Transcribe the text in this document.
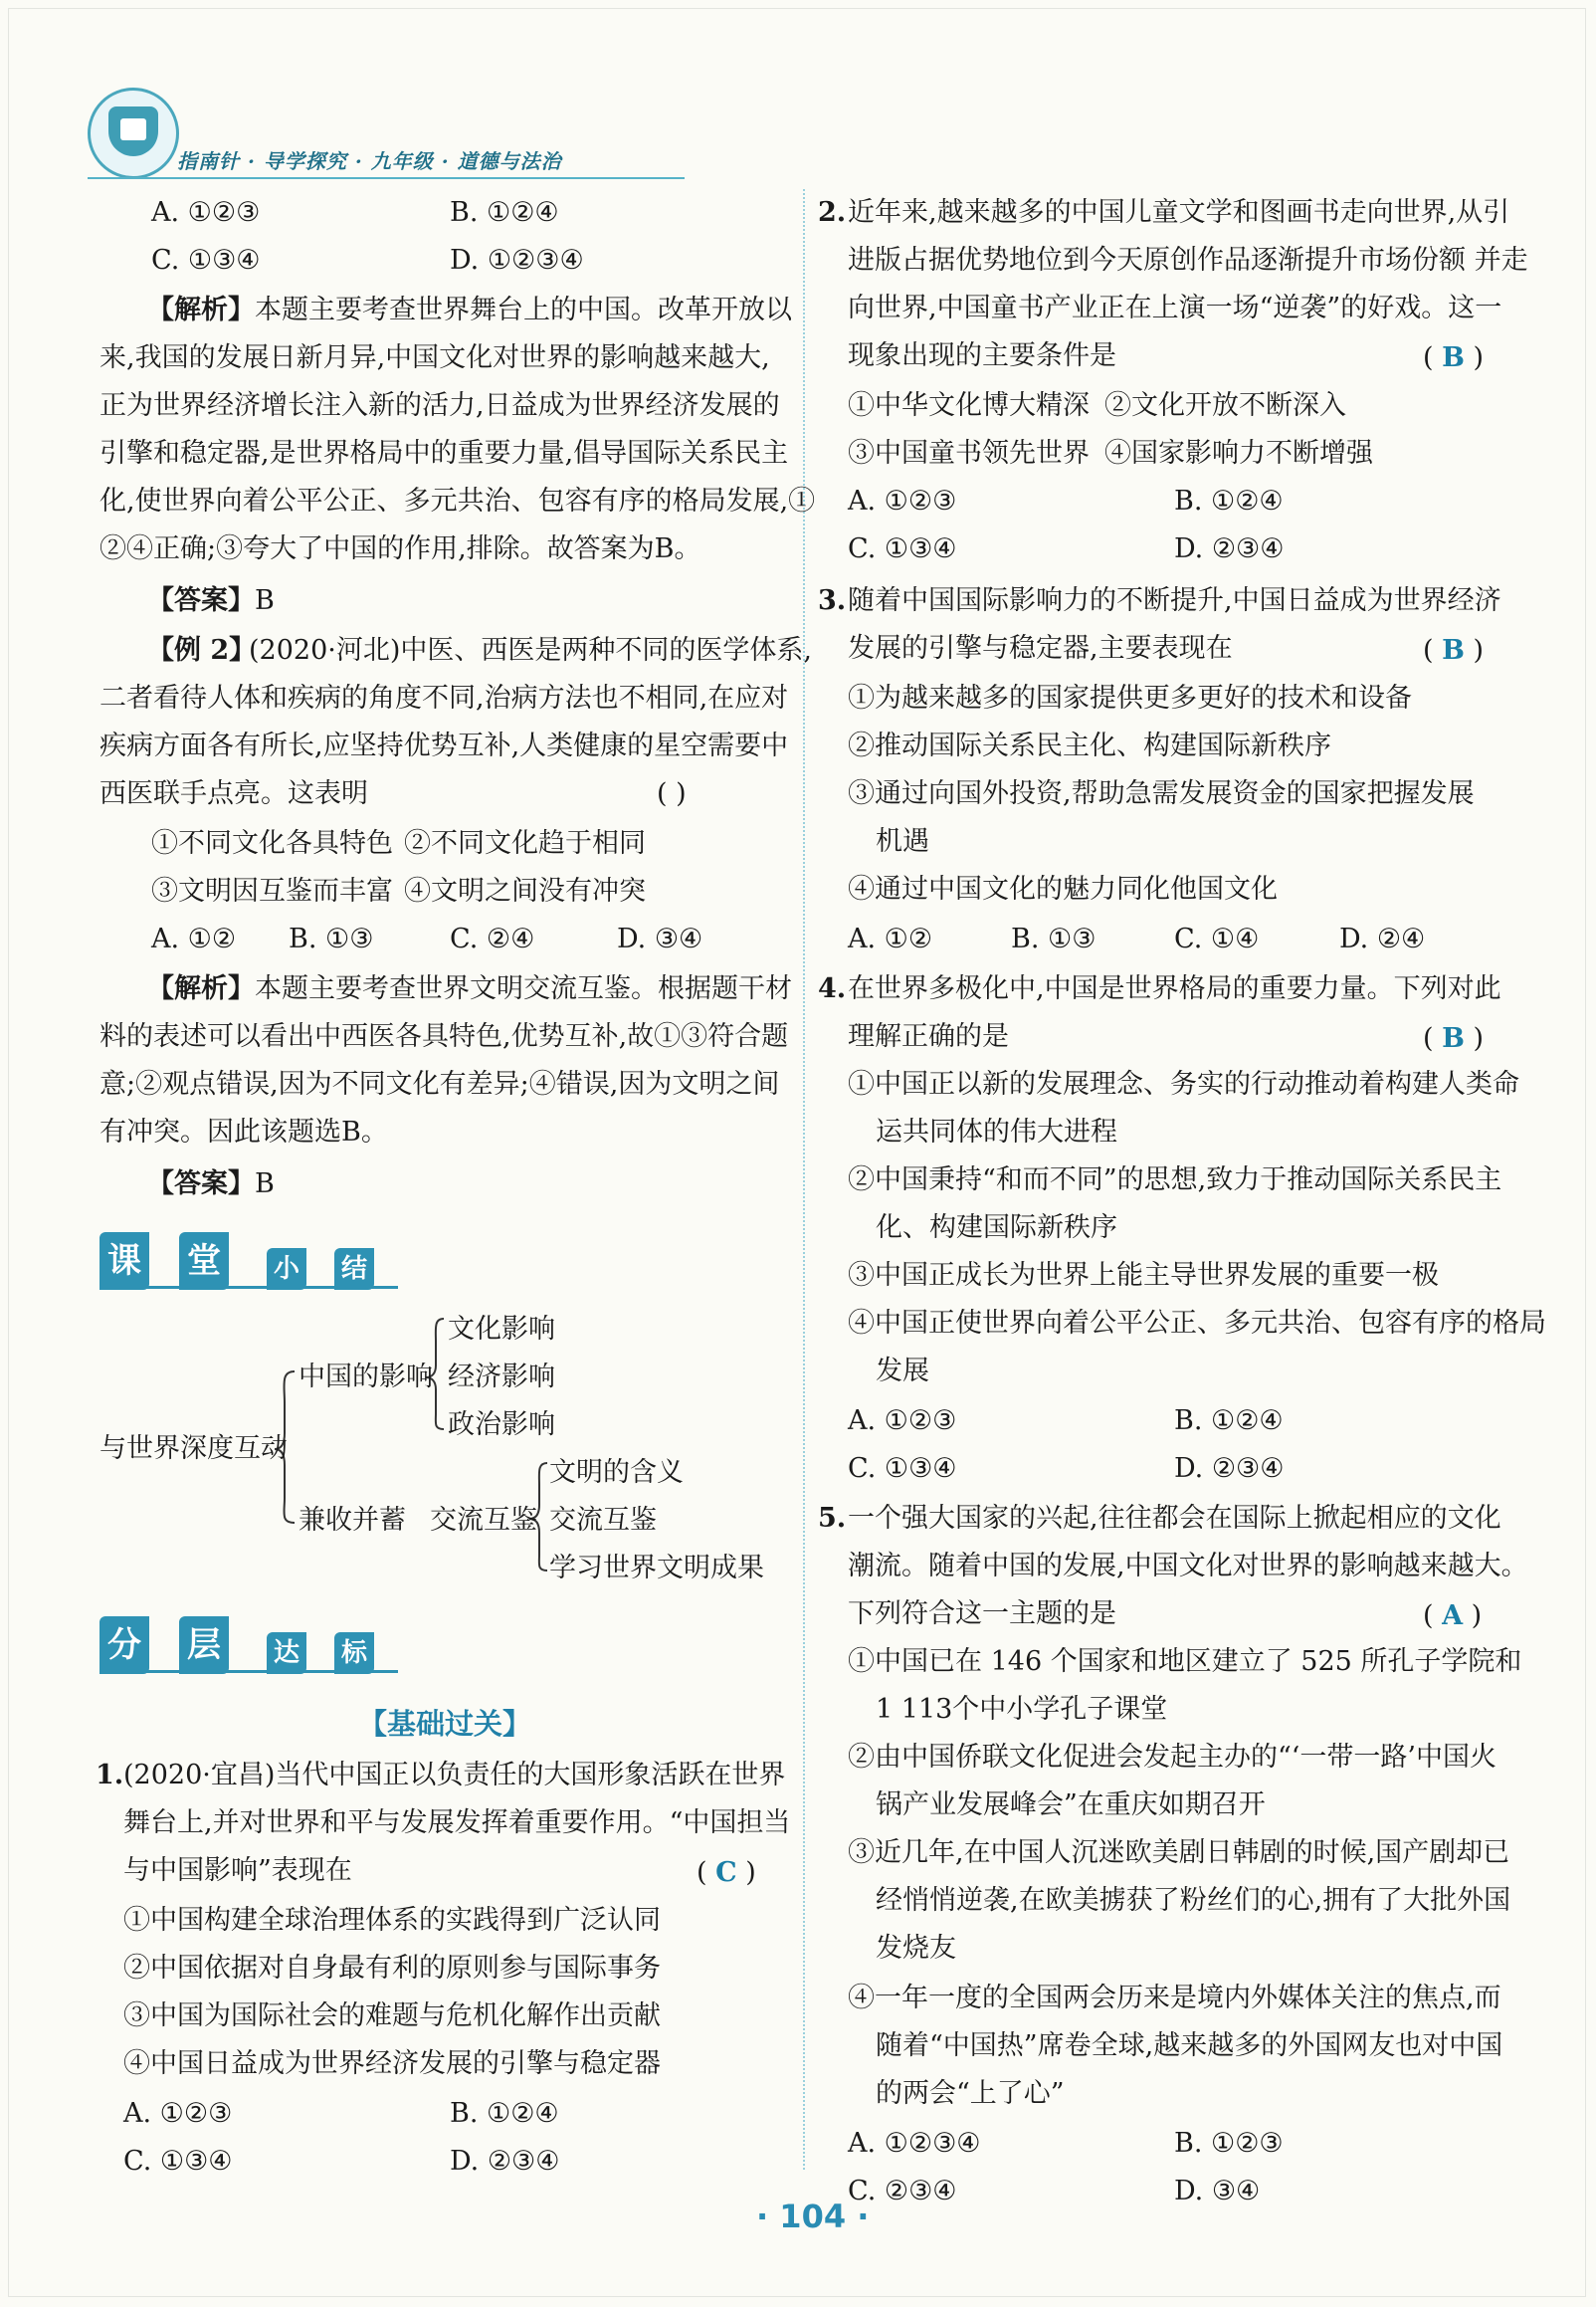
指南针 · 导学探究 · 九年级 · 道德与法治
A. ①②③	B. ①②④
C. ①③④	D. ①②③④
【解析】 本题主要考查世界舞台上的中国。改革开放以
来,我国的发展日新月异,中国文化对世界的影响越来越大,
正为世界经济增长注入新的活力,日益成为世界经济发展的
引擎和稳定器,是世界格局中的重要力量,倡导国际关系民主
化,使世界向着公平公正、多元共治、包容有序的格局发展,①
②④正确;③夸大了中国的作用,排除。故答案为B。
【答案】 B
【例 2】
(2020·河北)中医、西医是两种不同的医学体系,
二者看待人体和疾病的角度不同,治病方法也不相同,在应对
疾病方面各有所长,应坚持优势互补,人类健康的星空需要中
西医联手点亮。这表明	( )
①不同文化各具特色 ②不同文化趋于相同
③文明因互鉴而丰富 ④文明之间没有冲突
A. ①② B. ①③	C. ②④	D. ③④
【解析】 本题主要考查世界文明交流互鉴。根据题干材
料的表述可以看出中西医各具特色,优势互补,故①③符合题
意;②观点错误,因为不同文化有差异;④错误,因为文明之间
有冲突。因此该题选B。
【答案】 B
课 堂	小 结
与世界深度互动
中国的影响
文化影响
经济影响
政治影响
兼收并蓄 交流互鉴
文明的含义
交流互鉴
学习世界文明成果
分 层	达 标
【基础过关】
1. (2020·宜昌)当代中国正以负责任的大国形象活跃在世界
舞台上,并对世界和平与发展发挥着重要作用。“中国担当
与中国影响”表现在	( C )
①中国构建全球治理体系的实践得到广泛认同
②中国依据对自身最有利的原则参与国际事务
③中国为国际社会的难题与危机化解作出贡献
④中国日益成为世界经济发展的引擎与稳定器
A. ①②③	B. ①②④
C. ①③④	D. ②③④
2. 近年来,越来越多的中国儿童文学和图画书走向世界,从引
进版占据优势地位到今天原创作品逐渐提升市场份额 并走
向世界,中国童书产业正在上演一场“逆袭”的好戏。这一
现象出现的主要条件是	( B )
①中华文化博大精深 ②文化开放不断深入
③中国童书领先世界 ④国家影响力不断增强
A. ①②③	B. ①②④
C. ①③④	D. ②③④
3. 随着中国国际影响力的不断提升,中国日益成为世界经济
发展的引擎与稳定器,主要表现在	( B )
①为越来越多的国家提供更多更好的技术和设备
②推动国际关系民主化、构建国际新秩序
③通过向国外投资,帮助急需发展资金的国家把握发展
机遇
④通过中国文化的魅力同化他国文化
A. ①②	B. ①③	C. ①④	D. ②④
4. 在世界多极化中,中国是世界格局的重要力量。下列对此
理解正确的是	( B )
①中国正以新的发展理念、务实的行动推动着构建人类命
运共同体的伟大进程
②中国秉持“和而不同”的思想,致力于推动国际关系民主
化、构建国际新秩序
③中国正成长为世界上能主导世界发展的重要一极
④中国正使世界向着公平公正、多元共治、包容有序的格局
发展
A. ①②③	B. ①②④
C. ①③④	D. ②③④
5. 一个强大国家的兴起,往往都会在国际上掀起相应的文化
潮流。随着中国的发展,中国文化对世界的影响越来越大。
下列符合这一主题的是	( A )
①中国已在 146 个国家和地区建立了 525 所孔子学院和
1 113个中小学孔子课堂
②由中国侨联文化促进会发起主办的“‘一带一路’中国火
锅产业发展峰会”在重庆如期召开
③近几年,在中国人沉迷欧美剧日韩剧的时候,国产剧却已
经悄悄逆袭,在欧美掳获了粉丝们的心,拥有了大批外国
发烧友
④一年一度的全国两会历来是境内外媒体关注的焦点,而
随着“中国热”席卷全球,越来越多的外国网友也对中国
的两会“上了心”
A. ①②③④	B. ①②③
C. ②③④	D. ③④
· 104 ·
